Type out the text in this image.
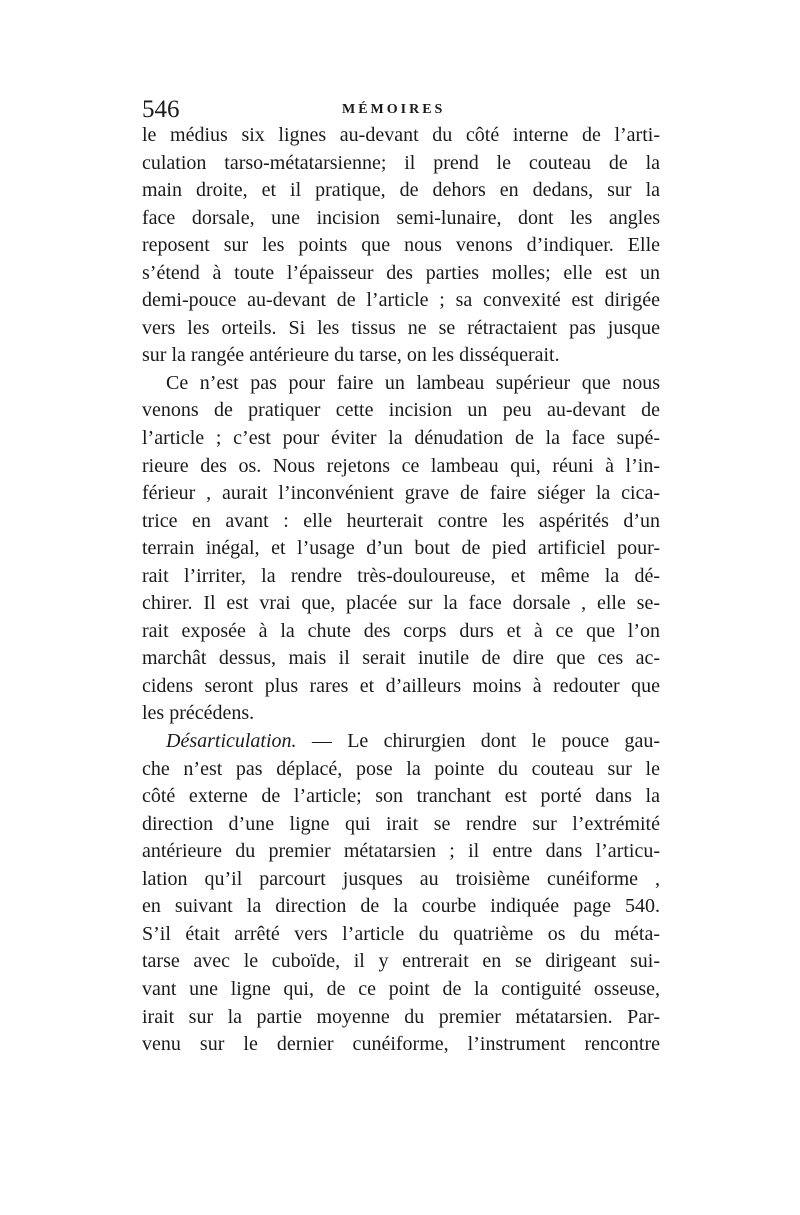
546	MÉMOIRES
le médius six lignes au-devant du côté interne de l’arti-
culation tarso-métatarsienne; il prend le couteau de la
main droite, et il pratique, de dehors en dedans, sur la
face dorsale, une incision semi-lunaire, dont les angles
reposent sur les points que nous venons d’indiquer. Elle
s’étend à toute l’épaisseur des parties molles; elle est un
demi-pouce au-devant de l’article ; sa convexité est dirigée
vers les orteils. Si les tissus ne se rétractaient pas jusque
sur la rangée antérieure du tarse, on les disséquerait.
Ce n’est pas pour faire un lambeau supérieur que nous
venons de pratiquer cette incision un peu au-devant de
l’article ; c’est pour éviter la dénudation de la face supé-
rieure des os. Nous rejetons ce lambeau qui, réuni à l’in-
férieur , aurait l’inconvénient grave de faire siéger la cica-
trice en avant : elle heurterait contre les aspérités d’un
terrain inégal, et l’usage d’un bout de pied artificiel pour-
rait l’irriter, la rendre très-douloureuse, et même la dé-
chirer. Il est vrai que, placée sur la face dorsale , elle se-
rait exposée à la chute des corps durs et à ce que l’on
marchât dessus, mais il serait inutile de dire que ces ac-
cidens seront plus rares et d’ailleurs moins à redouter que
les précédens.
Désarticulation. — Le chirurgien dont le pouce gau-
che n’est pas déplacé, pose la pointe du couteau sur le
côté externe de l’article; son tranchant est porté dans la
direction d’une ligne qui irait se rendre sur l’extrémité
antérieure du premier métatarsien ; il entre dans l’articu-
lation qu’il parcourt jusques au troisième cunéiforme ,
en suivant la direction de la courbe indiquée page 540.
S’il était arrêté vers l’article du quatrième os du méta-
tarse avec le cuboïde, il y entrerait en se dirigeant sui-
vant une ligne qui, de ce point de la contiguité osseuse,
irait sur la partie moyenne du premier métatarsien. Par-
venu sur le dernier cunéiforme, l’instrument rencontre
